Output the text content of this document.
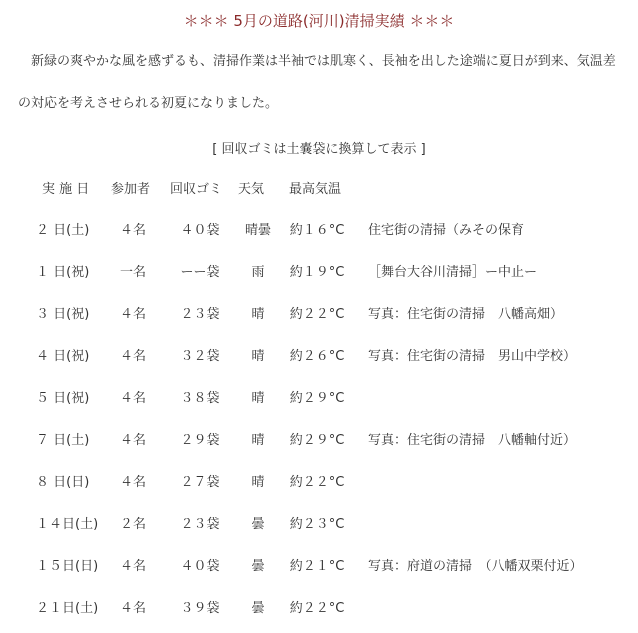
＊＊＊ 5月の道路(河川)清掃実績 ＊＊＊
　新緑の爽やかな風を感ずるも、清掃作業は半袖では肌寒く、長袖を出した途端に夏日が到来、気温差
の対応を考えさせられる初夏になりました。
[ 回収ゴミは土嚢袋に換算して表示 ]
実 施 日 参加者 回収ゴミ 天気 最高気温
２ 日(土)	４名	４０袋	晴曇	約１６°C	住宅街の清掃（みその保育
１ 日(祝)	一名	ーー袋	雨	約１９°C	［舞台大谷川清掃］ー中止ー
３ 日(祝)	４名	２３袋	晴	約２２°C	写真：住宅街の清掃　八幡高畑）
４ 日(祝)	４名	３２袋	晴	約２６°C	写真：住宅街の清掃　男山中学校）
５ 日(祝)	４名	３８袋	晴	約２９°C
７ 日(土)	４名	２９袋	晴	約２９°C	写真：住宅街の清掃　八幡軸付近）
８ 日(日)	４名	２７袋	晴	約２２°C
１４日(土)	２名	２３袋	曇	約２３°C
１５日(日)	４名	４０袋	曇	約２１°C	写真：府道の清掃　（八幡双栗付近）
２１日(土)	４名	３９袋	曇	約２２°C
